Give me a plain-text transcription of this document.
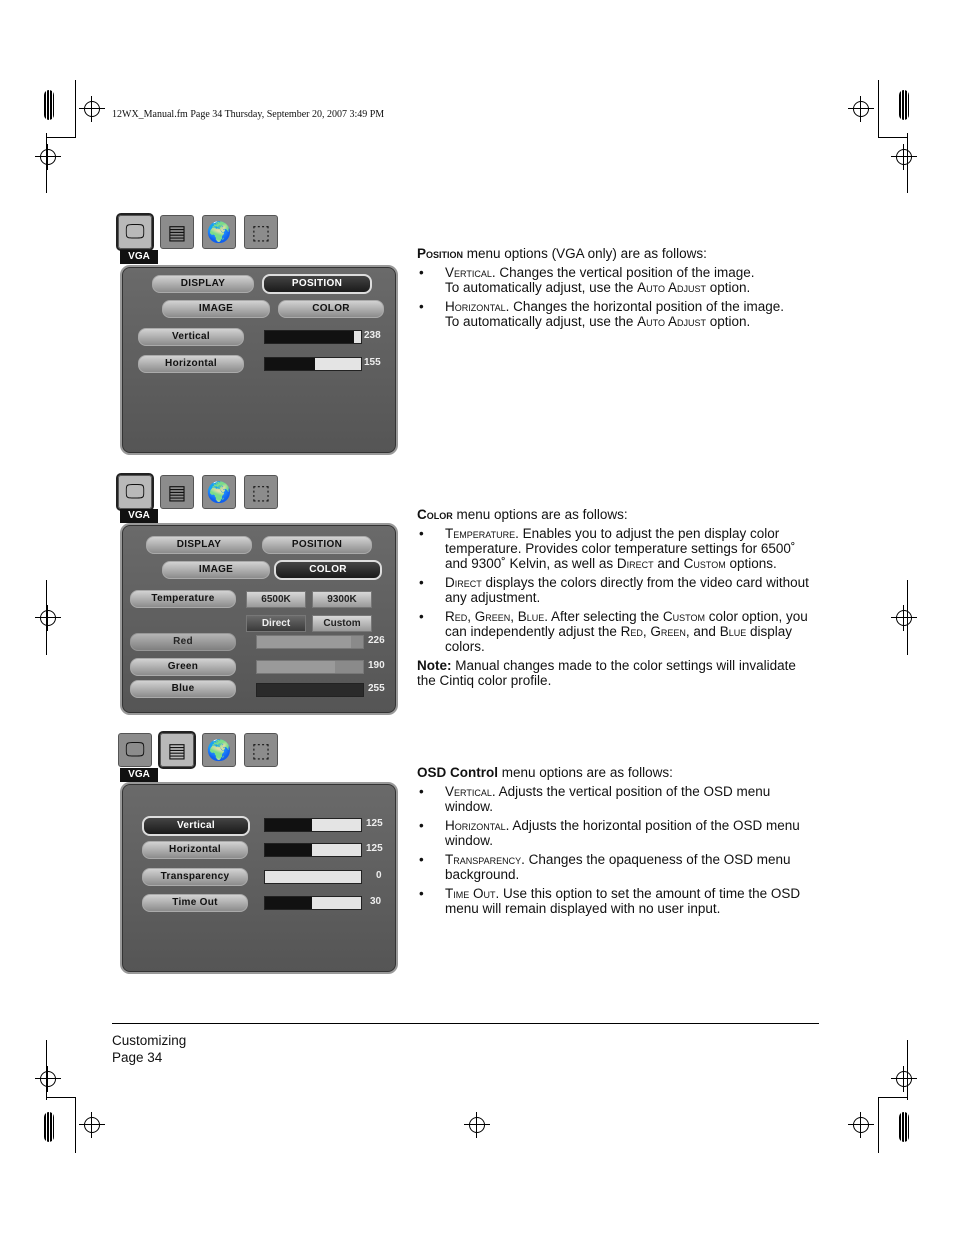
12WX_Manual.fm Page 34 Thursday, September 20, 2007 3:49 PM
🖵	▤	🌍	⬚
VGA
DISPLAY	POSITION
IMAGE	COLOR
Vertical	238
Horizontal	155

Position menu options (VGA only) are as follows:

• Vertical. Changes the vertical position of the image.
To automatically adjust, use the Auto Adjust option.
• Horizontal. Changes the horizontal position of the image.
To automatically adjust, use the Auto Adjust option.
🖵	▤	🌍	⬚
VGA
DISPLAY	POSITION
IMAGE	COLOR
Temperature	6500K	9300K
Direct	Custom
Red	226
Green	190
Blue	255

Color menu options are as follows:

• Temperature. Enables you to adjust the pen display color temperature. Provides color temperature settings for 6500˚ and 9300˚ Kelvin, as well as Direct and Custom options.
• Direct displays the colors directly from the video card without any adjustment.
• Red, Green, Blue. After selecting the Custom color option, you can independently adjust the Red, Green, and Blue display colors.

Note: Manual changes made to the color settings will invalidate the Cintiq color profile.

🖵	▤	🌍	⬚
VGA
Vertical	125
Horizontal	125
Transparency	0
Time Out	30

OSD Control menu options are as follows:

• Vertical. Adjusts the vertical position of the OSD menu window.
• Horizontal. Adjusts the horizontal position of the OSD menu window.
• Transparency. Changes the opaqueness of the OSD menu background.
• Time Out. Use this option to set the amount of time the OSD menu will remain displayed with no user input.
Customizing
Page 34
